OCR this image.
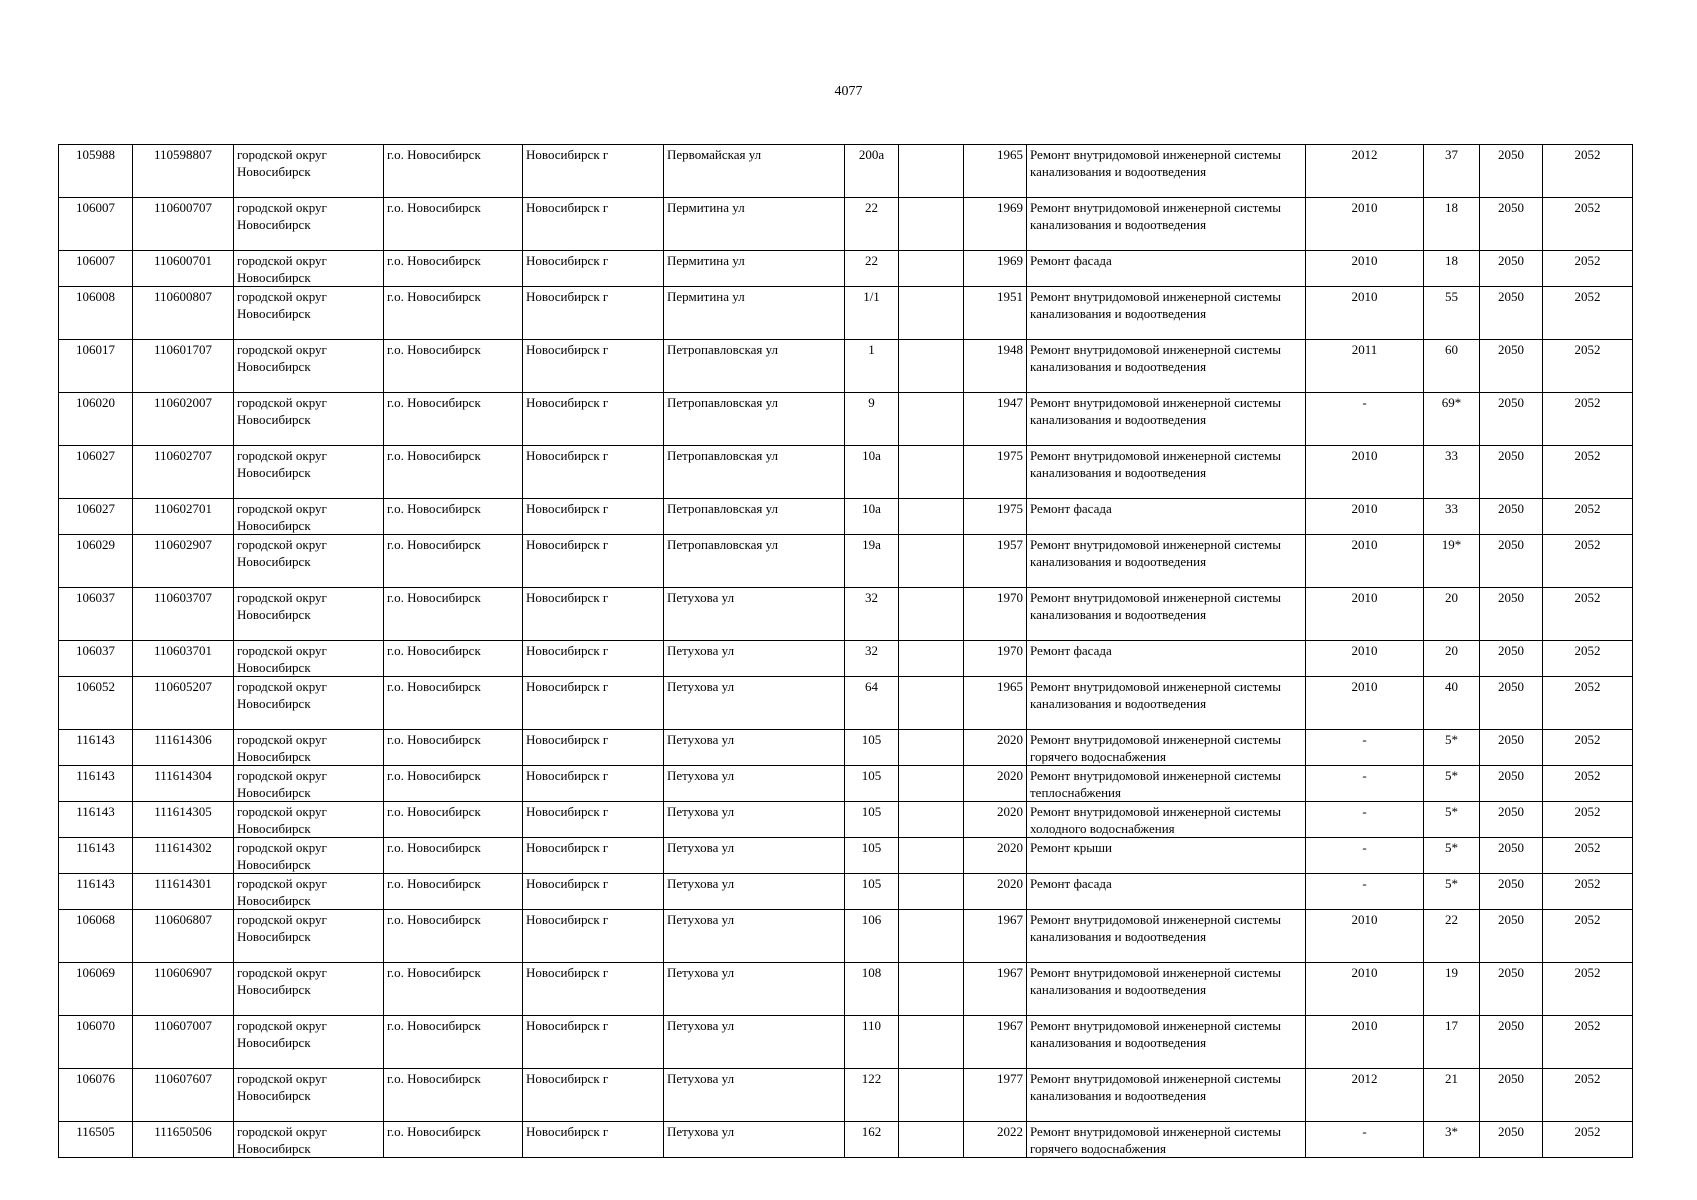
4077
105988	110598807	городской округ Новосибирск	г.о. Новосибирск	Новосибирск г	Первомайская ул	200а		1965	Ремонт внутридомовой инженерной системы канализования и водоотведения	2012	37	2050	2052
106007	110600707	городской округ Новосибирск	г.о. Новосибирск	Новосибирск г	Пермитина ул	22		1969	Ремонт внутридомовой инженерной системы канализования и водоотведения	2010	18	2050	2052
106007	110600701	городской округ Новосибирск	г.о. Новосибирск	Новосибирск г	Пермитина ул	22		1969	Ремонт фасада	2010	18	2050	2052
106008	110600807	городской округ Новосибирск	г.о. Новосибирск	Новосибирск г	Пермитина ул	1/1		1951	Ремонт внутридомовой инженерной системы канализования и водоотведения	2010	55	2050	2052
106017	110601707	городской округ Новосибирск	г.о. Новосибирск	Новосибирск г	Петропавловская ул	1		1948	Ремонт внутридомовой инженерной системы канализования и водоотведения	2011	60	2050	2052
106020	110602007	городской округ Новосибирск	г.о. Новосибирск	Новосибирск г	Петропавловская ул	9		1947	Ремонт внутридомовой инженерной системы канализования и водоотведения	-	69*	2050	2052
106027	110602707	городской округ Новосибирск	г.о. Новосибирск	Новосибирск г	Петропавловская ул	10а		1975	Ремонт внутридомовой инженерной системы канализования и водоотведения	2010	33	2050	2052
106027	110602701	городской округ Новосибирск	г.о. Новосибирск	Новосибирск г	Петропавловская ул	10а		1975	Ремонт фасада	2010	33	2050	2052
106029	110602907	городской округ Новосибирск	г.о. Новосибирск	Новосибирск г	Петропавловская ул	19а		1957	Ремонт внутридомовой инженерной системы канализования и водоотведения	2010	19*	2050	2052
106037	110603707	городской округ Новосибирск	г.о. Новосибирск	Новосибирск г	Петухова ул	32		1970	Ремонт внутридомовой инженерной системы канализования и водоотведения	2010	20	2050	2052
106037	110603701	городской округ Новосибирск	г.о. Новосибирск	Новосибирск г	Петухова ул	32		1970	Ремонт фасада	2010	20	2050	2052
106052	110605207	городской округ Новосибирск	г.о. Новосибирск	Новосибирск г	Петухова ул	64		1965	Ремонт внутридомовой инженерной системы канализования и водоотведения	2010	40	2050	2052
116143	111614306	городской округ Новосибирск	г.о. Новосибирск	Новосибирск г	Петухова ул	105		2020	Ремонт внутридомовой инженерной системы горячего водоснабжения	-	5*	2050	2052
116143	111614304	городской округ Новосибирск	г.о. Новосибирск	Новосибирск г	Петухова ул	105		2020	Ремонт внутридомовой инженерной системы теплоснабжения	-	5*	2050	2052
116143	111614305	городской округ Новосибирск	г.о. Новосибирск	Новосибирск г	Петухова ул	105		2020	Ремонт внутридомовой инженерной системы холодного водоснабжения	-	5*	2050	2052
116143	111614302	городской округ Новосибирск	г.о. Новосибирск	Новосибирск г	Петухова ул	105		2020	Ремонт крыши	-	5*	2050	2052
116143	111614301	городской округ Новосибирск	г.о. Новосибирск	Новосибирск г	Петухова ул	105		2020	Ремонт фасада	-	5*	2050	2052
106068	110606807	городской округ Новосибирск	г.о. Новосибирск	Новосибирск г	Петухова ул	106		1967	Ремонт внутридомовой инженерной системы канализования и водоотведения	2010	22	2050	2052
106069	110606907	городской округ Новосибирск	г.о. Новосибирск	Новосибирск г	Петухова ул	108		1967	Ремонт внутридомовой инженерной системы канализования и водоотведения	2010	19	2050	2052
106070	110607007	городской округ Новосибирск	г.о. Новосибирск	Новосибирск г	Петухова ул	110		1967	Ремонт внутридомовой инженерной системы канализования и водоотведения	2010	17	2050	2052
106076	110607607	городской округ Новосибирск	г.о. Новосибирск	Новосибирск г	Петухова ул	122		1977	Ремонт внутридомовой инженерной системы канализования и водоотведения	2012	21	2050	2052
116505	111650506	городской округ Новосибирск	г.о. Новосибирск	Новосибирск г	Петухова ул	162		2022	Ремонт внутридомовой инженерной системы горячего водоснабжения	-	3*	2050	2052
